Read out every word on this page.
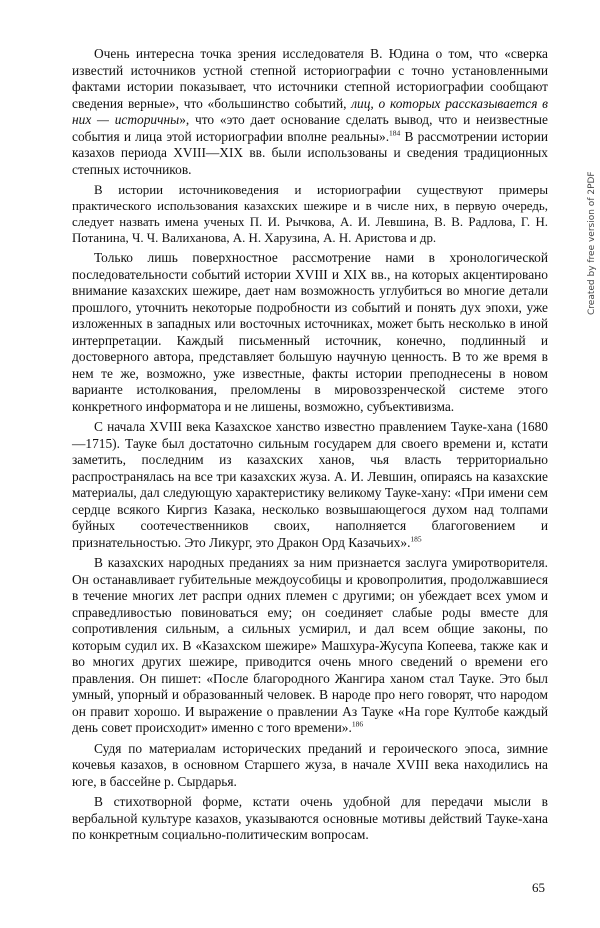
Очень интересна точка зрения исследователя В. Юдина о том, что «сверка известий источников устной степной историографии с точно установленными фактами истории показывает, что источники степной историографии сообщают сведения верные», что «большинство событий, лиц, о которых рассказывается в них — историчны», что «это дает основание сделать вывод, что и неизвестные события и лица этой историографии вполне реальны».$^{184}$ В рассмотрении истории казахов периода XVIII—XIX вв. были использованы и сведения традиционных степных источников.

В истории источниковедения и историографии существуют примеры практического использования казахских шежире и в числе них, в первую очередь, следует назвать имена ученых П. И. Рычкова, А. И. Левшина, В. В. Радлова, Г. Н. Потанина, Ч. Ч. Валиханова, А. Н. Харузина, А. Н. Аристова и др.

Только лишь поверхностное рассмотрение нами в хронологической последовательности событий истории XVIII и XIX вв., на которых акцентировано внимание казахских шежире, дает нам возможность углубиться во многие детали прошлого, уточнить некоторые подробности из событий и понять дух эпохи, уже изложенных в западных или восточных источниках, может быть несколько в иной интерпретации. Каждый письменный источник, конечно, подлинный и достоверного автора, представляет большую научную ценность. В то же время в нем те же, возможно, уже известные, факты истории преподнесены в новом варианте истолкования, преломлены в мировоззренческой системе этого конкретного информатора и не лишены, возможно, субъективизма.

С начала XVIII века Казахское ханство известно правлением Тауке-хана (1680—1715). Тауке был достаточно сильным государем для своего времени и, кстати заметить, последним из казахских ханов, чья власть территориально распространялась на все три казахских жуза. А. И. Левшин, опираясь на казахские материалы, дал следующую характеристику великому Тауке-хану: «При имени сем сердце всякого Киргиз Казака, несколько возвышающегося духом над толпами буйных соотечественников своих, наполняется благоговением и признательностью. Это Ликург, это Дракон Орд Казачьих».$^{185}$

В казахских народных преданиях за ним признается заслуга умиротворителя. Он останавливает губительные междоусобицы и кровопролития, продолжавшиеся в течение многих лет распри одних племен с другими; он убеждает всех умом и справедливостью повиноваться ему; он соединяет слабые роды вместе для сопротивления сильным, а сильных усмирил, и дал всем общие законы, по которым судил их. В «Казахском шежире» Машхура-Жусупа Копеева, также как и во многих других шежире, приводится очень много сведений о времени его правления. Он пишет: «После благородного Жангира ханом стал Тауке. Это был умный, упорный и образованный человек. В народе про него говорят, что народом он правит хорошо. И выражение о правлении Аз Тауке «На горе Култобе каждый день совет происходит» именно с того времени».$^{186}$

Судя по материалам исторических преданий и героического эпоса, зимние кочевья казахов, в основном Старшего жуза, в начале XVIII века находились на юге, в бассейне р. Сырдарья.

В стихотворной форме, кстати очень удобной для передачи мысли в вербальной культуре казахов, указываются основные мотивы действий Тауке-хана по конкретным социально-политическим вопросам.

65
Created by free version of 2PDF
